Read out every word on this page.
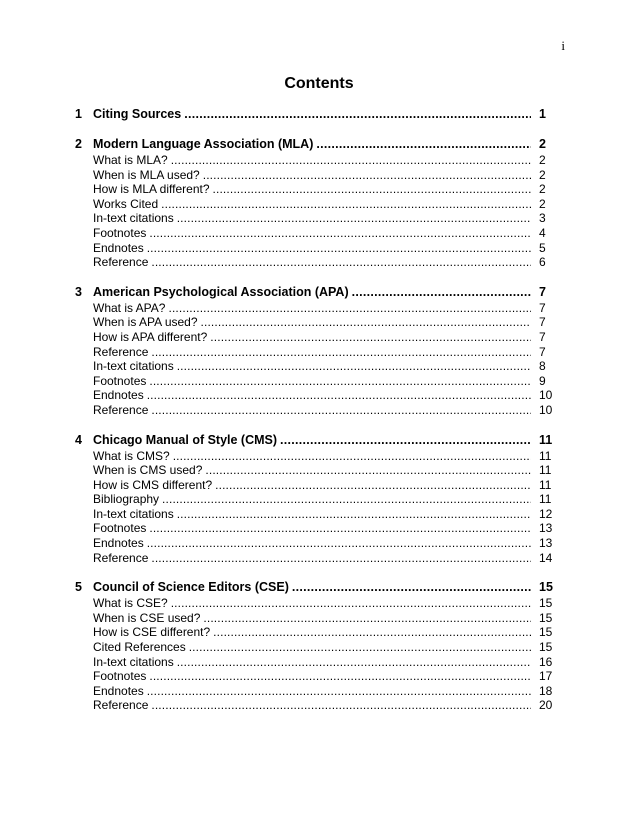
i
Contents
1 Citing Sources . . .	1
2 Modern Language Association (MLA) . . .	2
What is MLA? . . .	2
When is MLA used? . . .	2
How is MLA different? . . .	2
Works Cited . . .	2
In-text citations . . .	3
Footnotes . . .	4
Endnotes . . .	5
Reference . . .	6
3 American Psychological Association (APA) . . .	7
What is APA? . . .	7
When is APA used? . . .	7
How is APA different? . . .	7
Reference . . .	7
In-text citations . . .	8
Footnotes . . .	9
Endnotes . . .	10
Reference . . .	10
4 Chicago Manual of Style (CMS) . . .	11
What is CMS? . . .	11
When is CMS used? . . .	11
How is CMS different? . . .	11
Bibliography . . .	11
In-text citations . . .	12
Footnotes . . .	13
Endnotes . . .	13
Reference . . .	14
5 Council of Science Editors (CSE) . . .	15
What is CSE? . . .	15
When is CSE used? . . .	15
How is CSE different? . . .	15
Cited References . . .	15
In-text citations . . .	16
Footnotes . . .	17
Endnotes . . .	18
Reference . . .	20
